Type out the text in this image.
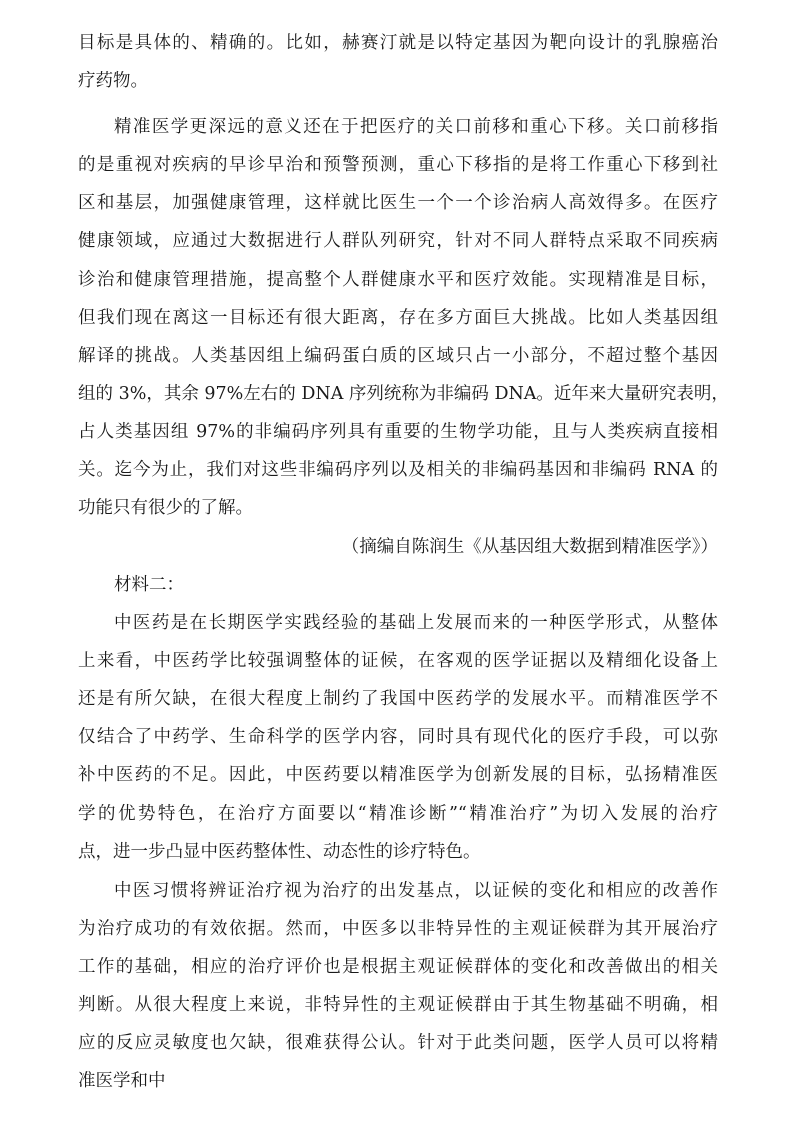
目标是具体的、精确的。比如，赫赛汀就是以特定基因为靶向设计的乳腺癌治
疗药物。
精准医学更深远的意义还在于把医疗的关口前移和重心下移。关口前移指
的是重视对疾病的早诊早治和预警预测，重心下移指的是将工作重心下移到社
区和基层，加强健康管理，这样就比医生一个一个诊治病人高效得多。在医疗
健康领域，应通过大数据进行人群队列研究，针对不同人群特点采取不同疾病
诊治和健康管理措施，提高整个人群健康水平和医疗效能。实现精准是目标，
但我们现在离这一目标还有很大距离，存在多方面巨大挑战。比如人类基因组
解译的挑战。人类基因组上编码蛋白质的区域只占一小部分，不超过整个基因
组的 3%，其余 97%左右的 DNA 序列统称为非编码 DNA。近年来大量研究表明，
占人类基因组 97%的非编码序列具有重要的生物学功能，且与人类疾病直接相
关。迄今为止，我们对这些非编码序列以及相关的非编码基因和非编码 RNA 的
功能只有很少的了解。
（摘编自陈润生《从基因组大数据到精准医学》）
材料二：
中医药是在长期医学实践经验的基础上发展而来的一种医学形式，从整体
上来看，中医药学比较强调整体的证候，在客观的医学证据以及精细化设备上
还是有所欠缺，在很大程度上制约了我国中医药学的发展水平。而精准医学不
仅结合了中药学、生命科学的医学内容，同时具有现代化的医疗手段，可以弥
补中医药的不足。因此，中医药要以精准医学为创新发展的目标，弘扬精准医
学的优势特色，在治疗方面要以“精准诊断”“精准治疗”为切入发展的治疗
点，进一步凸显中医药整体性、动态性的诊疗特色。
中医习惯将辨证治疗视为治疗的出发基点，以证候的变化和相应的改善作
为治疗成功的有效依据。然而，中医多以非特异性的主观证候群为其开展治疗
工作的基础，相应的治疗评价也是根据主观证候群体的变化和改善做出的相关
判断。从很大程度上来说，非特异性的主观证候群由于其生物基础不明确，相
应的反应灵敏度也欠缺，很难获得公认。针对于此类问题，医学人员可以将精
准医学和中
